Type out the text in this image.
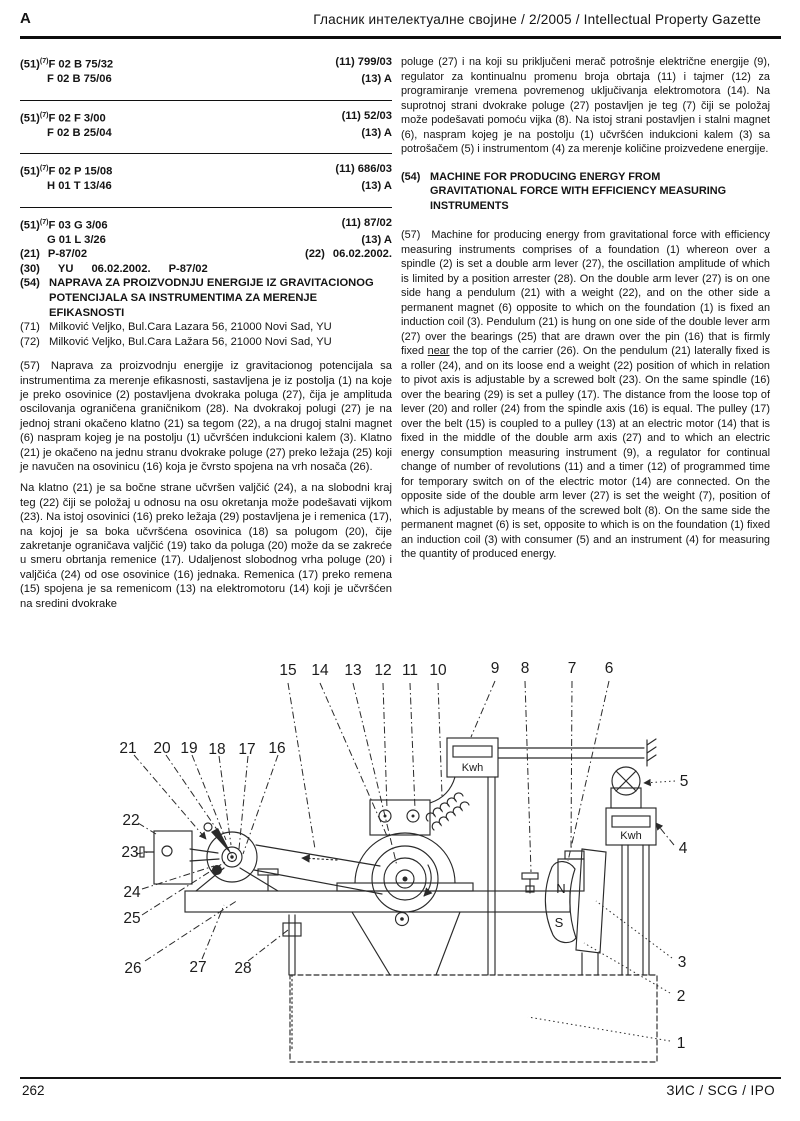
A	Гласник интелектуалне својине / 2/2005 / Intellectual Property Gazette
$(51)^{(7)}F$ 02 B 75/32	(11) 799/03
F 02 B 75/06	(13) A
$(51)^{(7)}F$ 02 F 3/00	(11) 52/03
F 02 B 25/04	(13) A
$(51)^{(7)}F$ 02 P 15/08	(11) 686/03
H 01 T 13/46	(13) A
$(51)^{(7)}F$ 03 G 3/06	(11) 87/02
G 01 L 3/26	(13) A
(21) P-87/02	(22) 06.02.2002.
(30) YU 06.02.2002. P-87/02
(54) NAPRAVA ZA PROIZVODNJU ENERGIJE IZ GRAVITACIONOG POTENCIJALA SA INSTRUMENTIMA ZA MERENJE EFIKASNOSTI
(71) Milković Veljko, Bul.Cara Lazara 56, 21000 Novi Sad, YU
(72) Milković Veljko, Bul.Cara Lažara 56, 21000 Novi Sad, YU

(57) Naprava za proizvodnju energije iz gravitacionog potencijala sa instrumentima za merenje efikasnosti, sastavljena je iz postolja (1) na koje je preko osovinice (2) postavljena dvokraka poluga (27), čija je amplituda oscilovanja ograničena graničnikom (28). Na dvokrakoj polugi (27) je na jednoj strani okačeno klatno (21) sa tegom (22), a na drugoj stalni magnet (6) naspram kojeg je na postolju (1) učvršćen indukcioni kalem (3). Klatno (21) je okačeno na jednu stranu dvokrake poluge (27) preko ležaja (25) koji je navučen na osovinicu (16) koja je čvrsto spojena na vrh nosača (26).

Na klatno (21) je sa bočne strane učvršen valjčić (24), a na slobodni kraj teg (22) čiji se položaj u odnosu na osu okretanja može podešavati vijkom (23). Na istoj osovinici (16) preko ležaja (29) postavljena je i remenica (17), na kojoj je sa boka učvršćena osovinica (18) sa polugom (20), čije zakretanje ograničava valjčić (19) tako da poluga (20) može da se zakreće u smeru obrtanja remenice (17). Udaljenost slobodnog vrha poluge (20) i valjčića (24) od ose osovinice (16) jednaka. Remenica (17) preko remena (15) spojena je sa remenicom (13) na elektromotoru (14) koji je učvršćen na sredini dvokrake

poluge (27) i na koji su priključeni merač potrošnje električne energije (9), regulator za kontinualnu promenu broja obrtaja (11) i tajmer (12) za programiranje vremena povremenog uključivanja elektromotora (14). Na suprotnoj strani dvokrake poluge (27) postavljen je teg (7) čiji se položaj može podešavati pomoću vijka (8). Na istoj strani postavljen i stalni magnet (6), naspram kojeg je na postolju (1) učvršćen indukcioni kalem (3) sa potrošačem (5) i instrumentom (4) za merenje količine proizvedene energije.

(54) MACHINE FOR PRODUCING ENERGY FROM GRAVITATIONAL FORCE WITH EFFICIENCY MEASURING INSTRUMENTS

(57) Machine for producing energy from gravitational force with efficiency measuring instruments comprises of a foundation (1) whereon over a spindle (2) is set a double arm lever (27), the oscillation amplitude of which is limited by a position arrester (28). On the double arm lever (27) is on one side hang a pendulum (21) with a weight (22), and on the other side a permanent magnet (6) opposite to which on the foundation (1) is fixed an induction coil (3). Pendulum (21) is hung on one side of the double lever arm (27) over the bearings (25) that are drawn over the pin (16) that is firmly fixed near the top of the carrier (26). On the pendulum (21) laterally fixed is a roller (24), and on its loose end a weight (22) position of which in relation to pivot axis is adjustable by a screwed bolt (23). On the same spindle (16) over the bearing (29) is set a pulley (17). The distance from the loose top of lever (20) and roller (24) from the spindle axis (16) is equal. The pulley (17) over the belt (15) is coupled to a pulley (13) at an electric motor (14) that is fixed in the middle of the double arm axis (27) and to which an electric energy consumption measuring instrument (9), a regulator for continual change of number of revolutions (11) and a timer (12) of programmed time for temporary switch on of the electric motor (14) are connected. On the opposite side of the double arm lever (27) is set the weight (7), position of which is adjustable by means of the screwed bolt (8). On the same side the permanent magnet (6) is set, opposite to which is on the foundation (1) fixed an induction coil (3) with consumer (5) and an instrument (4) for measuring the quantity of produced energy.

Kwh
N
S
Kwh
15 14 13 12 11 10	9 8 7 6
21 20 19 18 17 16
22
23
24
25
26	27 28
5
4
3
2
1
262	ЗИС / SCG / IPO
